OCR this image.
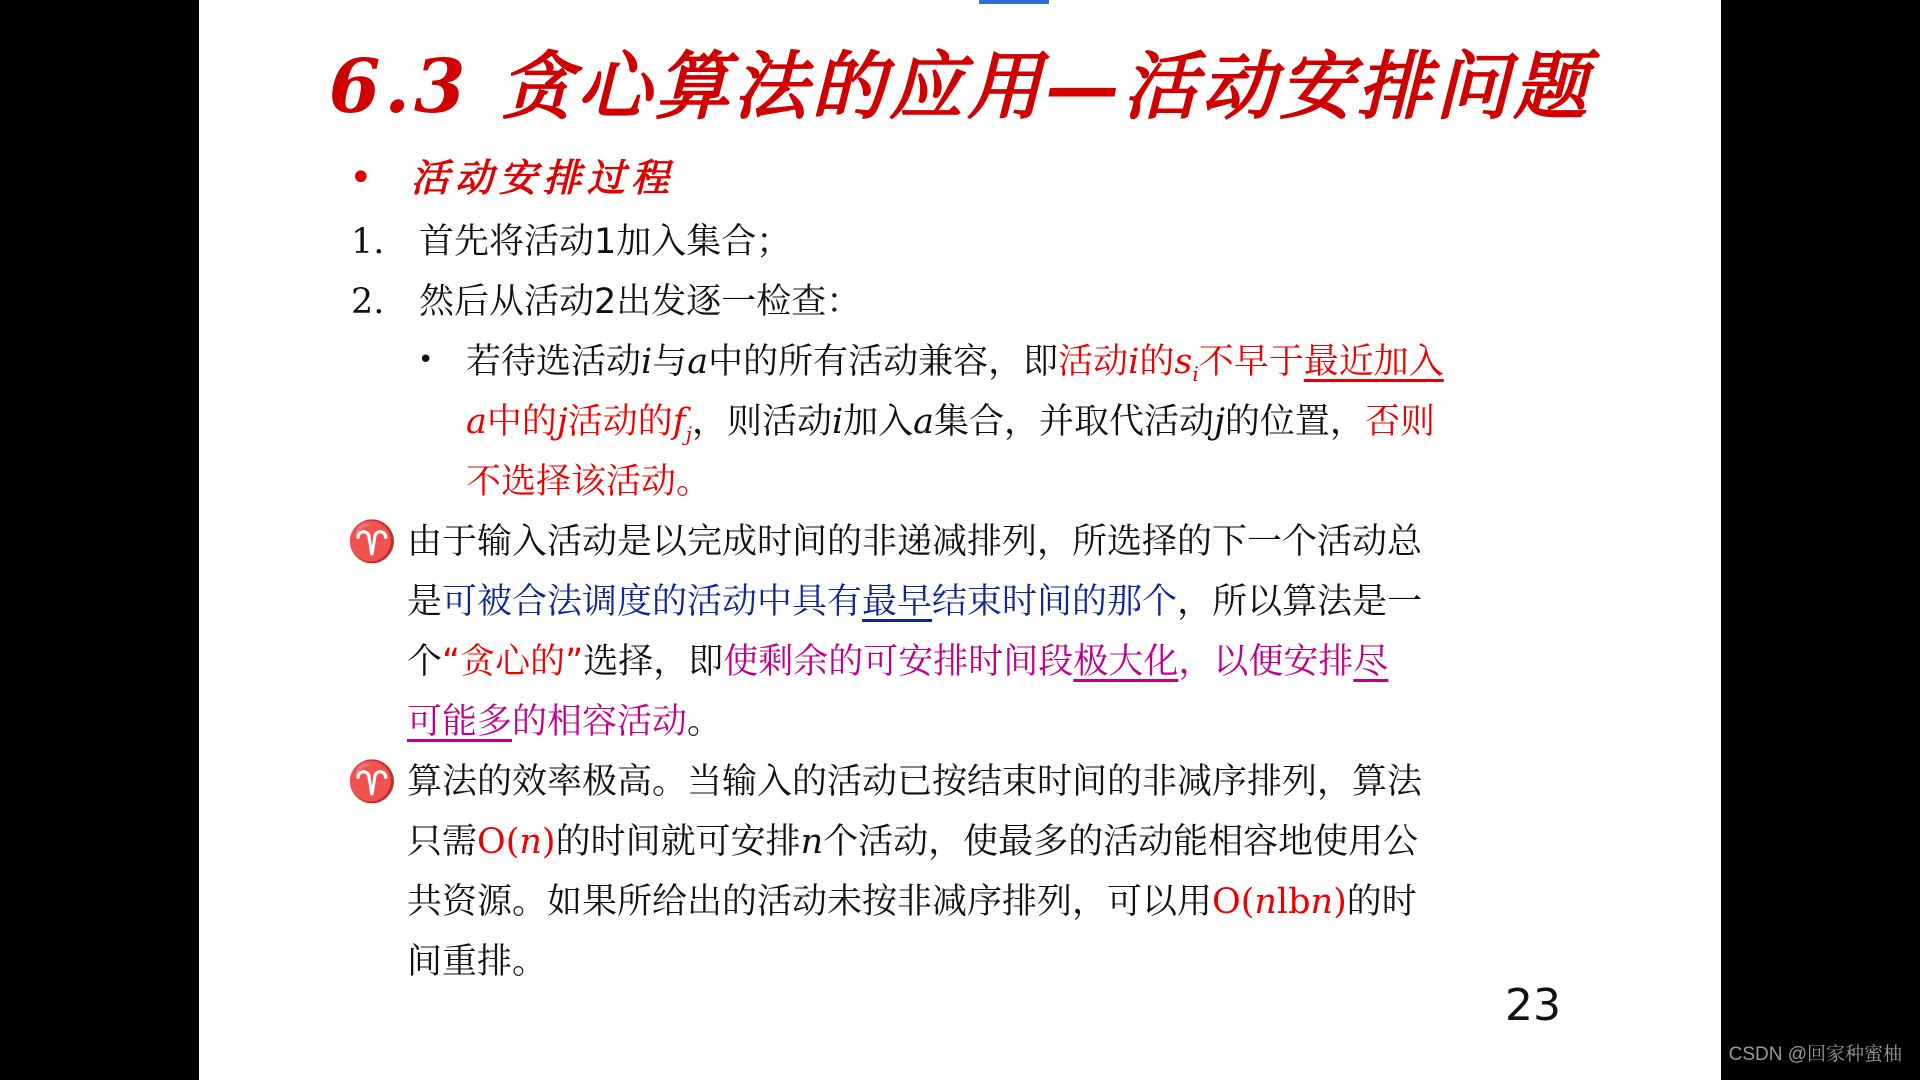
6.3 贪心算法的应用—活动安排问题
• 活动安排过程
1. 首先将活动1加入集合；
2. 然后从活动2出发逐一检查：
• 若待选活动i与a中的所有活动兼容，即活动i的$s_i$不早于最近加入
a中的j活动的$f_j$，则活动i加入a集合，并取代活动j的位置，否则
不选择该活动。
♈ 由于输入活动是以完成时间的非递减排列，所选择的下一个活动总
是可被合法调度的活动中具有最早结束时间的那个，所以算法是一
个“贪心的”选择，即使剩余的可安排时间段极大化，以便安排尽
可能多的相容活动。
♈ 算法的效率极高。当输入的活动已按结束时间的非减序排列，算法
只需O(n)的时间就可安排n个活动，使最多的活动能相容地使用公
共资源。如果所给出的活动未按非减序排列，可以用O(nlbn)的时
间重排。
23
CSDN @回家种蜜柚
